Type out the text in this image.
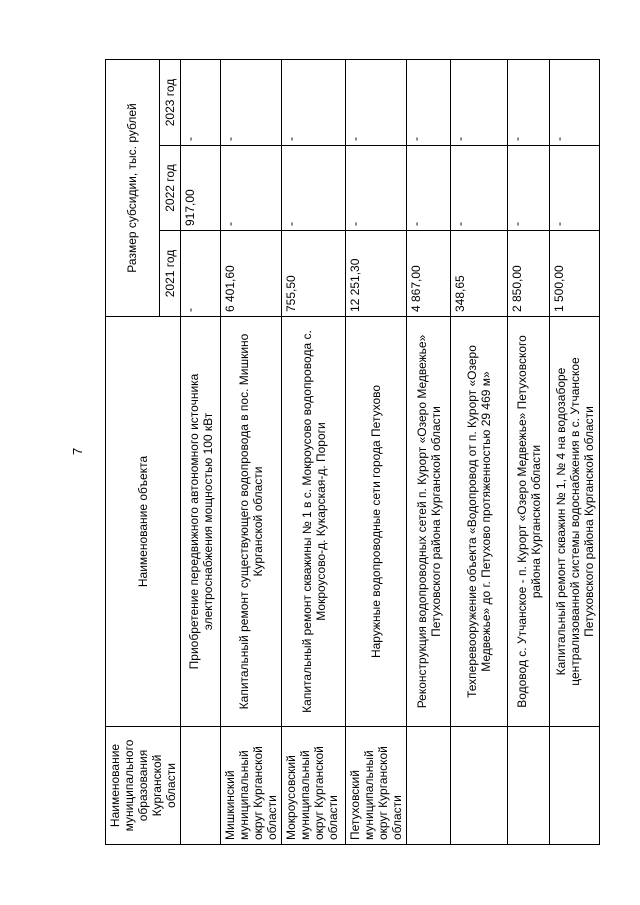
7
Наименование муниципального образования Курганской области	Наименование объекта	Размер субсидии, тыс. рублей		
		2021 год	2022 год	2023 год
	Приобретение передвижного автономного источника электроснабжения мощностью 100 кВт	-	917,00	-
Мишкинский муниципальный округ Курганской области	Капитальный ремонт существующего водопровода в пос. Мишкино Курганской области	6 401,60	-	-
Мокроусовский муниципальный округ Курганской области	Капитальный ремонт скважины № 1 в с. Мокроусово водопровода с. Мокроусово-д. Кукарская-д. Пороги	755,50	-	-
Петуховский муниципальный округ Курганской области	Наружные водопроводные сети города Петухово	12 251,30	-	-
	Реконструкция водопроводных сетей п. Курорт «Озеро Медвежье» Петуховского района Курганской области	4 867,00	-	-
	Техперевооружение объекта «Водопровод от п. Курорт «Озеро Медвежье» до г. Петухово протяженностью 29 469 м»	348,65	-	-
	Водовод с. Утчанское - п. Курорт «Озеро Медвежье» Петуховского района Курганской области	2 850,00	-	-
	Капитальный ремонт скважин № 1, № 4 на водозаборе централизованной системы водоснабжения в с. Утчанское Петуховского района Курганской области	1 500,00	-	-
